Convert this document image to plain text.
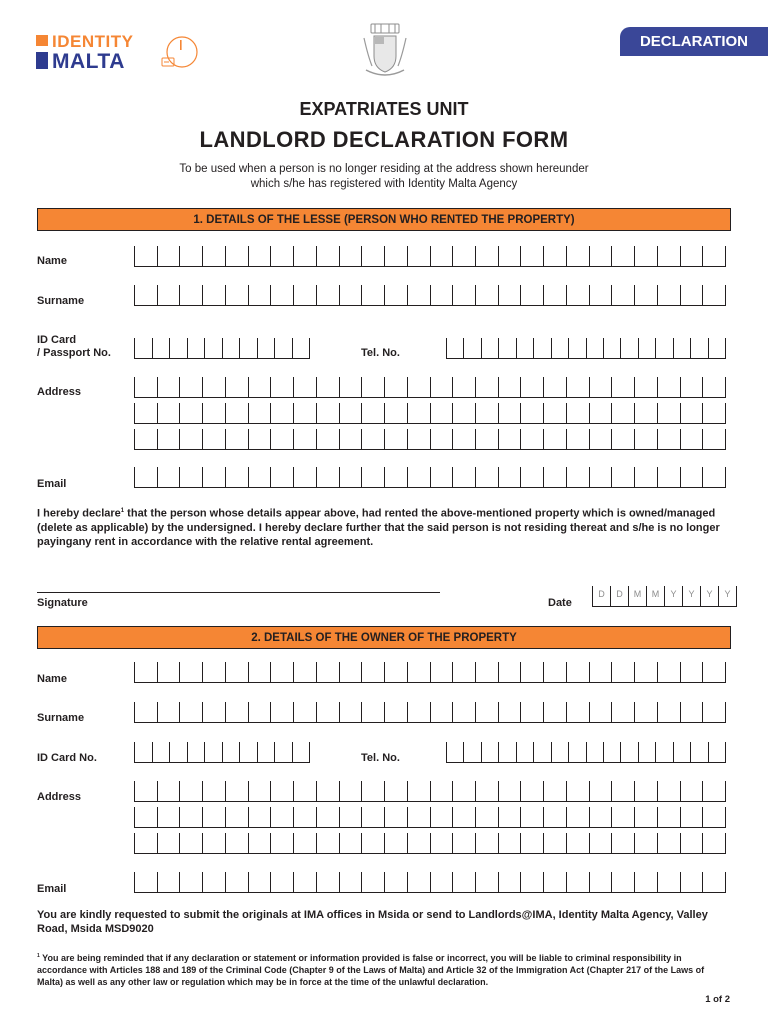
IDENTITY
MALTA
DECLARATION
EXPATRIATES UNIT
LANDLORD DECLARATION FORM
To be used when a person is no longer residing at the address shown hereunder
which s/he has registered with Identity Malta Agency
1. DETAILS OF THE LESSE (PERSON WHO RENTED THE PROPERTY)
Name
Surname
ID Card
/ Passport No.	Tel. No.
Address
Email
I hereby declare$^1$ that the person whose details appear above, had rented the above-mentioned property which is owned/managed (delete as applicable) by the undersigned. I hereby declare further that the said person is not residing thereat and s/he is no longer payingany rent in accordance with the relative rental agreement.
Signature	Date
D	D	M	M	Y	Y	Y	Y
2. DETAILS OF THE OWNER OF THE PROPERTY
Name
Surname
ID Card No.	Tel. No.
Address
Email
You are kindly requested to submit the originals at IMA offices in Msida or send to Landlords@IMA, Identity Malta Agency, Valley Road, Msida MSD9020
$^1$ You are being reminded that if any declaration or statement or information provided is false or incorrect, you will be liable to criminal responsibility in accordance with Articles 188 and 189 of the Criminal Code (Chapter 9 of the Laws of Malta) and Article 32 of the Immigration Act (Chapter 217 of the Laws of Malta) as well as any other law or regulation which may be in force at the time of the unlawful declaration.
1 of 2
